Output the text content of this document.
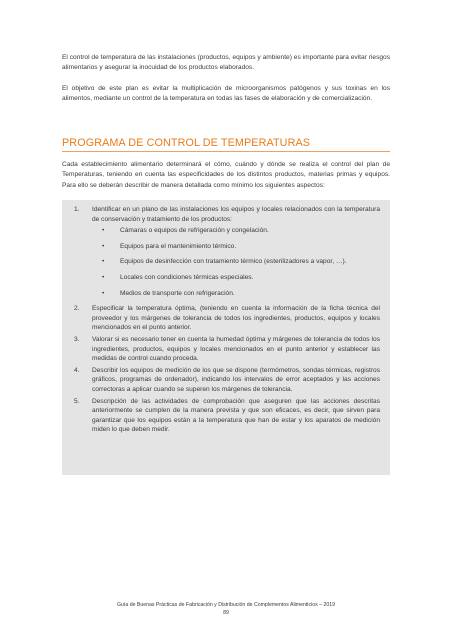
El control de temperatura de las instalaciones (productos, equipos y ambiente) es importante para evitar riesgos alimentarios y asegurar la inocuidad de los productos elaborados.

El objetivo de este plan es evitar la multiplicación de microorganismos patógenos y sus toxinas en los alimentos, mediante un control de la temperatura en todas las fases de elaboración y de comercialización.

PROGRAMA DE CONTROL DE TEMPERATURAS

Cada establecimiento alimentario determinará el cómo, cuándo y dónde se realiza el control del plan de Temperaturas, teniendo en cuenta las especificidades de los distintos productos, materias primas y equipos. Para ello se deberán describir de manera detallada como mínimo los siguientes aspectos:

1. Identificar en un plano de las instalaciones los equipos y locales relacionados con la temperatura de conservación y tratamiento de los productos:
• Cámaras o equipos de refrigeración y congelación.
• Equipos para el mantenimiento térmico.
• Equipos de desinfección con tratamiento térmico (esterilizadores a vapor, …).
• Locales con condiciones térmicas especiales.
• Medios de transporte con refrigeración.
2. Especificar la temperatura óptima, (teniendo en cuenta la información de la ficha técnica del proveedor y los márgenes de tolerancia de todos los ingredientes, productos, equipos y locales mencionados en el punto anterior.
3. Valorar si es necesario tener en cuenta la humedad óptima y márgenes de tolerancia de todos los ingredientes, productos, equipos y locales mencionados en el punto anterior y establecer las medidas de control cuando proceda.
4. Describir los equipos de medición de los que se dispone (termómetros, sondas térmicas, registros gráficos, programas de ordenador), indicando los intervalos de error aceptados y las acciones correctoras a aplicar cuando se superen los márgenes de tolerancia.
5. Descripción de las actividades de comprobación que aseguren que las acciones descritas anteriormente se cumplen de la manera prevista y que son eficaces, es decir, que sirven para garantizar que los equipos están a la temperatura que han de estar y los aparatos de medición miden lo que deben medir.
Guía de Buenas Prácticas de Fabricación y Distribución de Complementos Alimenticios – 2019
89
